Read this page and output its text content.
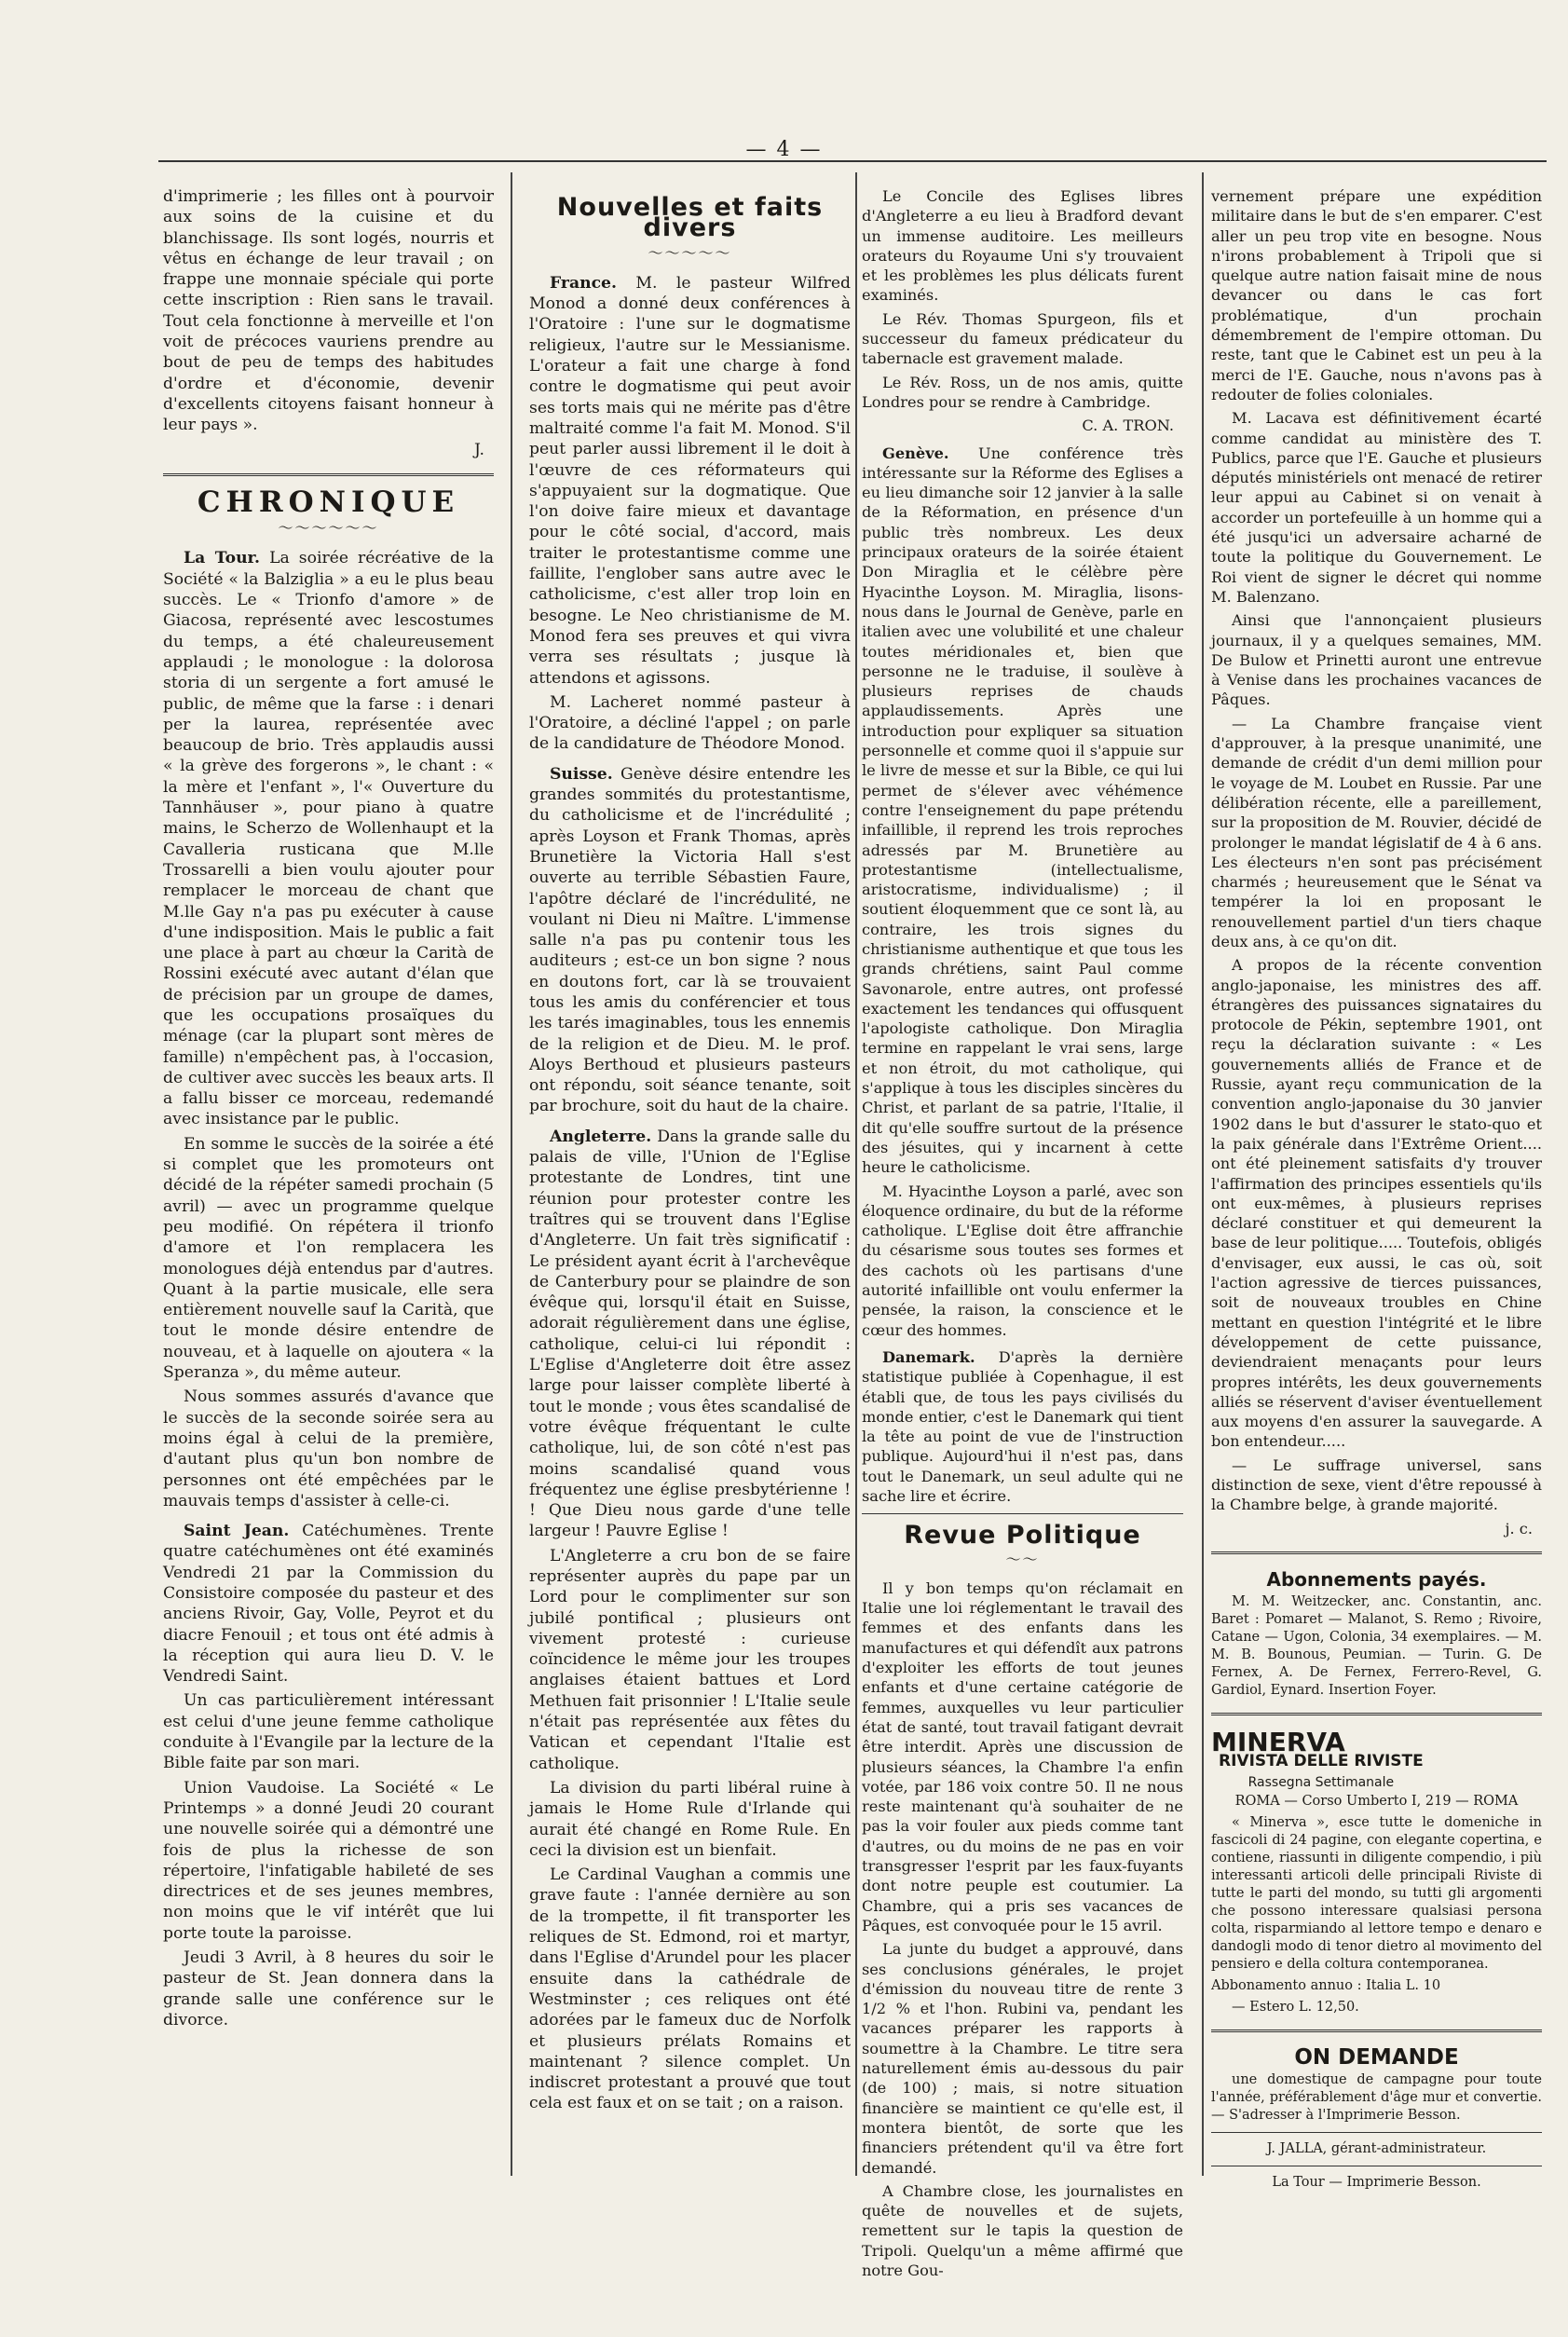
— 4 —

d'imprimerie ; les filles ont à pourvoir aux soins de la cuisine et du blanchissage. Ils sont logés, nourris et vêtus en échange de leur travail ; on frappe une monnaie spéciale qui porte cette inscription : Rien sans le travail. Tout cela fonctionne à merveille et l'on voit de précoces vauriens prendre au bout de peu de temps des habitudes d'ordre et d'économie, devenir d'excellents citoyens faisant honneur à leur pays ».

J.
CHRONIQUE
〜〜〜〜〜〜

La Tour. La soirée récréative de la Société « la Balziglia » a eu le plus beau succès. Le « Trionfo d'amore » de Giacosa, représenté avec lescostumes du temps, a été chaleureusement applaudi ; le monologue : la dolorosa storia di un sergente a fort amusé le public, de même que la farse : i denari per la laurea, représentée avec beaucoup de brio. Très applaudis aussi « la grève des forgerons », le chant : « la mère et l'enfant », l'« Ouverture du Tannhäuser », pour piano à quatre mains, le Scherzo de Wollenhaupt et la Cavalleria rusticana que M.lle Trossarelli a bien voulu ajouter pour remplacer le morceau de chant que M.lle Gay n'a pas pu exécuter à cause d'une indisposition. Mais le public a fait une place à part au chœur la Carità de Rossini exécuté avec autant d'élan que de précision par un groupe de dames, que les occupations prosaïques du ménage (car la plupart sont mères de famille) n'empêchent pas, à l'occasion, de cultiver avec succès les beaux arts. Il a fallu bisser ce morceau, redemandé avec insistance par le public.

En somme le succès de la soirée a été si complet que les promoteurs ont décidé de la répéter samedi prochain (5 avril) — avec un programme quelque peu modifié. On répétera il trionfo d'amore et l'on remplacera les monologues déjà entendus par d'autres. Quant à la partie musicale, elle sera entièrement nouvelle sauf la Carità, que tout le monde désire entendre de nouveau, et à laquelle on ajoutera « la Speranza », du même auteur.

Nous sommes assurés d'avance que le succès de la seconde soirée sera au moins égal à celui de la première, d'autant plus qu'un bon nombre de personnes ont été empêchées par le mauvais temps d'assister à celle-ci.

Saint Jean. Catéchumènes. Trente quatre catéchumènes ont été examinés Vendredi 21 par la Commission du Consistoire composée du pasteur et des anciens Rivoir, Gay, Volle, Peyrot et du diacre Fenouil ; et tous ont été admis à la réception qui aura lieu D. V. le Vendredi Saint.

Un cas particulièrement intéressant est celui d'une jeune femme catholique conduite à l'Evangile par la lecture de la Bible faite par son mari.

Union Vaudoise. La Société « Le Printemps » a donné Jeudi 20 courant une nouvelle soirée qui a démontré une fois de plus la richesse de son répertoire, l'infatigable habileté de ses directrices et de ses jeunes membres, non moins que le vif intérêt que lui porte toute la paroisse.

Jeudi 3 Avril, à 8 heures du soir le pasteur de St. Jean donnera dans la grande salle une conférence sur le divorce.

Nouvelles et faits divers
〜〜〜〜〜

France. M. le pasteur Wilfred Monod a donné deux conférences à l'Oratoire : l'une sur le dogmatisme religieux, l'autre sur le Messianisme. L'orateur a fait une charge à fond contre le dogmatisme qui peut avoir ses torts mais qui ne mérite pas d'être maltraité comme l'a fait M. Monod. S'il peut parler aussi librement il le doit à l'œuvre de ces réformateurs qui s'appuyaient sur la dogmatique. Que l'on doive faire mieux et davantage pour le côté social, d'accord, mais traiter le protestantisme comme une faillite, l'englober sans autre avec le catholicisme, c'est aller trop loin en besogne. Le Neo christianisme de M. Monod fera ses preuves et qui vivra verra ses résultats ; jusque là attendons et agissons.

M. Lacheret nommé pasteur à l'Oratoire, a décliné l'appel ; on parle de la candidature de Théodore Monod.

Suisse. Genève désire entendre les grandes sommités du protestantisme, du catholicisme et de l'incrédulité ; après Loyson et Frank Thomas, après Brunetière la Victoria Hall s'est ouverte au terrible Sébastien Faure, l'apôtre déclaré de l'incrédulité, ne voulant ni Dieu ni Maître. L'immense salle n'a pas pu contenir tous les auditeurs ; est-ce un bon signe ? nous en doutons fort, car là se trouvaient tous les amis du conférencier et tous les tarés imaginables, tous les ennemis de la religion et de Dieu. M. le prof. Aloys Berthoud et plusieurs pasteurs ont répondu, soit séance tenante, soit par brochure, soit du haut de la chaire.

Angleterre. Dans la grande salle du palais de ville, l'Union de l'Eglise protestante de Londres, tint une réunion pour protester contre les traîtres qui se trouvent dans l'Eglise d'Angleterre. Un fait très significatif : Le président ayant écrit à l'archevêque de Canterbury pour se plaindre de son évêque qui, lorsqu'il était en Suisse, adorait régulièrement dans une église, catholique, celui-ci lui répondit : L'Eglise d'Angleterre doit être assez large pour laisser complète liberté à tout le monde ; vous êtes scandalisé de votre évêque fréquentant le culte catholique, lui, de son côté n'est pas moins scandalisé quand vous fréquentez une église presbytérienne ! ! Que Dieu nous garde d'une telle largeur ! Pauvre Eglise !

L'Angleterre a cru bon de se faire représenter auprès du pape par un Lord pour le complimenter sur son jubilé pontifical ; plusieurs ont vivement protesté : curieuse coïncidence le même jour les troupes anglaises étaient battues et Lord Methuen fait prisonnier ! L'Italie seule n'était pas représentée aux fêtes du Vatican et cependant l'Italie est catholique.

La division du parti libéral ruine à jamais le Home Rule d'Irlande qui aurait été changé en Rome Rule. En ceci la division est un bienfait.

Le Cardinal Vaughan a commis une grave faute : l'année dernière au son de la trompette, il fit transporter les reliques de St. Edmond, roi et martyr, dans l'Eglise d'Arundel pour les placer ensuite dans la cathédrale de Westminster ; ces reliques ont été adorées par le fameux duc de Norfolk et plusieurs prélats Romains et maintenant ? silence complet. Un indiscret protestant a prouvé que tout cela est faux et on se tait ; on a raison.

Le Concile des Eglises libres d'Angleterre a eu lieu à Bradford devant un immense auditoire. Les meilleurs orateurs du Royaume Uni s'y trouvaient et les problèmes les plus délicats furent examinés.

Le Rév. Thomas Spurgeon, fils et successeur du fameux prédicateur du tabernacle est gravement malade.

Le Rév. Ross, un de nos amis, quitte Londres pour se rendre à Cambridge.

C. A. TRON.

Genève. Une conférence très intéressante sur la Réforme des Eglises a eu lieu dimanche soir 12 janvier à la salle de la Réformation, en présence d'un public très nombreux. Les deux principaux orateurs de la soirée étaient Don Miraglia et le célèbre père Hyacinthe Loyson. M. Miraglia, lisons-nous dans le Journal de Genève, parle en italien avec une volubilité et une chaleur toutes méridionales et, bien que personne ne le traduise, il soulève à plusieurs reprises de chauds applaudissements. Après une introduction pour expliquer sa situation personnelle et comme quoi il s'appuie sur le livre de messe et sur la Bible, ce qui lui permet de s'élever avec véhémence contre l'enseignement du pape prétendu infaillible, il reprend les trois reproches adressés par M. Brunetière au protestantisme (intellectualisme, aristocratisme, individualisme) ; il soutient éloquemment que ce sont là, au contraire, les trois signes du christianisme authentique et que tous les grands chrétiens, saint Paul comme Savonarole, entre autres, ont professé exactement les tendances qui offusquent l'apologiste catholique. Don Miraglia termine en rappelant le vrai sens, large et non étroit, du mot catholique, qui s'applique à tous les disciples sincères du Christ, et parlant de sa patrie, l'Italie, il dit qu'elle souffre surtout de la présence des jésuites, qui y incarnent à cette heure le catholicisme.

M. Hyacinthe Loyson a parlé, avec son éloquence ordinaire, du but de la réforme catholique. L'Eglise doit être affranchie du césarisme sous toutes ses formes et des cachots où les partisans d'une autorité infaillible ont voulu enfermer la pensée, la raison, la conscience et le cœur des hommes.

Danemark. D'après la dernière statistique publiée à Copenhague, il est établi que, de tous les pays civilisés du monde entier, c'est le Danemark qui tient la tête au point de vue de l'instruction publique. Aujourd'hui il n'est pas, dans tout le Danemark, un seul adulte qui ne sache lire et écrire.

Revue Politique
〜〜

Il y bon temps qu'on réclamait en Italie une loi réglementant le travail des femmes et des enfants dans les manufactures et qui défendît aux patrons d'exploiter les efforts de tout jeunes enfants et d'une certaine catégorie de femmes, auxquelles vu leur particulier état de santé, tout travail fatigant devrait être interdit. Après une discussion de plusieurs séances, la Chambre l'a enfin votée, par 186 voix contre 50. Il ne nous reste maintenant qu'à souhaiter de ne pas la voir fouler aux pieds comme tant d'autres, ou du moins de ne pas en voir transgresser l'esprit par les faux-fuyants dont notre peuple est coutumier. La Chambre, qui a pris ses vacances de Pâques, est convoquée pour le 15 avril.

La junte du budget a approuvé, dans ses conclusions générales, le projet d'émission du nouveau titre de rente 3 1/2 % et l'hon. Rubini va, pendant les vacances préparer les rapports à soumettre à la Chambre. Le titre sera naturellement émis au-dessous du pair (de 100) ; mais, si notre situation financière se maintient ce qu'elle est, il montera bientôt, de sorte que les financiers prétendent qu'il va être fort demandé.

A Chambre close, les journalistes en quête de nouvelles et de sujets, remettent sur le tapis la question de Tripoli. Quelqu'un a même affirmé que notre Gou-

vernement prépare une expédition militaire dans le but de s'en emparer. C'est aller un peu trop vite en besogne. Nous n'irons probablement à Tripoli que si quelque autre nation faisait mine de nous devancer ou dans le cas fort problématique, d'un prochain démembrement de l'empire ottoman. Du reste, tant que le Cabinet est un peu à la merci de l'E. Gauche, nous n'avons pas à redouter de folies coloniales.

M. Lacava est définitivement écarté comme candidat au ministère des T. Publics, parce que l'E. Gauche et plusieurs députés ministériels ont menacé de retirer leur appui au Cabinet si on venait à accorder un portefeuille à un homme qui a été jusqu'ici un adversaire acharné de toute la politique du Gouvernement. Le Roi vient de signer le décret qui nomme M. Balenzano.

Ainsi que l'annonçaient plusieurs journaux, il y a quelques semaines, MM. De Bulow et Prinetti auront une entrevue à Venise dans les prochaines vacances de Pâques.

— La Chambre française vient d'approuver, à la presque unanimité, une demande de crédit d'un demi million pour le voyage de M. Loubet en Russie. Par une délibération récente, elle a pareillement, sur la proposition de M. Rouvier, décidé de prolonger le mandat législatif de 4 à 6 ans. Les électeurs n'en sont pas précisément charmés ; heureusement que le Sénat va tempérer la loi en proposant le renouvellement partiel d'un tiers chaque deux ans, à ce qu'on dit.

A propos de la récente convention anglo-japonaise, les ministres des aff. étrangères des puissances signataires du protocole de Pékin, septembre 1901, ont reçu la déclaration suivante : « Les gouvernements alliés de France et de Russie, ayant reçu communication de la convention anglo-japonaise du 30 janvier 1902 dans le but d'assurer le stato-quo et la paix générale dans l'Extrême Orient.... ont été pleinement satisfaits d'y trouver l'affirmation des principes essentiels qu'ils ont eux-mêmes, à plusieurs reprises déclaré constituer et qui demeurent la base de leur politique..... Toutefois, obligés d'envisager, eux aussi, le cas où, soit l'action agressive de tierces puissances, soit de nouveaux troubles en Chine mettant en question l'intégrité et le libre développement de cette puissance, deviendraient menaçants pour leurs propres intérêts, les deux gouvernements alliés se réservent d'aviser éventuellement aux moyens d'en assurer la sauvegarde. A bon entendeur.....

— Le suffrage universel, sans distinction de sexe, vient d'être repoussé à la Chambre belge, à grande majorité.

j. c.
Abonnements payés.

M. M. Weitzecker, anc. Constantin, anc. Baret : Pomaret — Malanot, S. Remo ; Rivoire, Catane — Ugon, Colonia, 34 exemplaires. — M. M. B. Bounous, Peumian. — Turin. G. De Fernex, A. De Fernex, Ferrero-Revel, G. Gardiol, Eynard. Insertion Foyer.

MINERVA RIVISTA DELLE RIVISTE
Rassegna Settimanale

ROMA — Corso Umberto I, 219 — ROMA

« Minerva », esce tutte le domeniche in fascicoli di 24 pagine, con elegante copertina, e contiene, riassunti in diligente compendio, i più interessanti articoli delle principali Riviste di tutte le parti del mondo, su tutti gli argomenti che possono interessare qualsiasi persona colta, risparmiando al lettore tempo e denaro e dandogli modo di tenor dietro al movimento del pensiero e della coltura contemporanea.

Abbonamento annuo : Italia L. 10

— Estero L. 12,50.

ON DEMANDE

une domestique de campagne pour toute l'année, préférablement d'âge mur et convertie. — S'adresser à l'Imprimerie Besson.

J. JALLA, gérant-administrateur.

La Tour — Imprimerie Besson.
